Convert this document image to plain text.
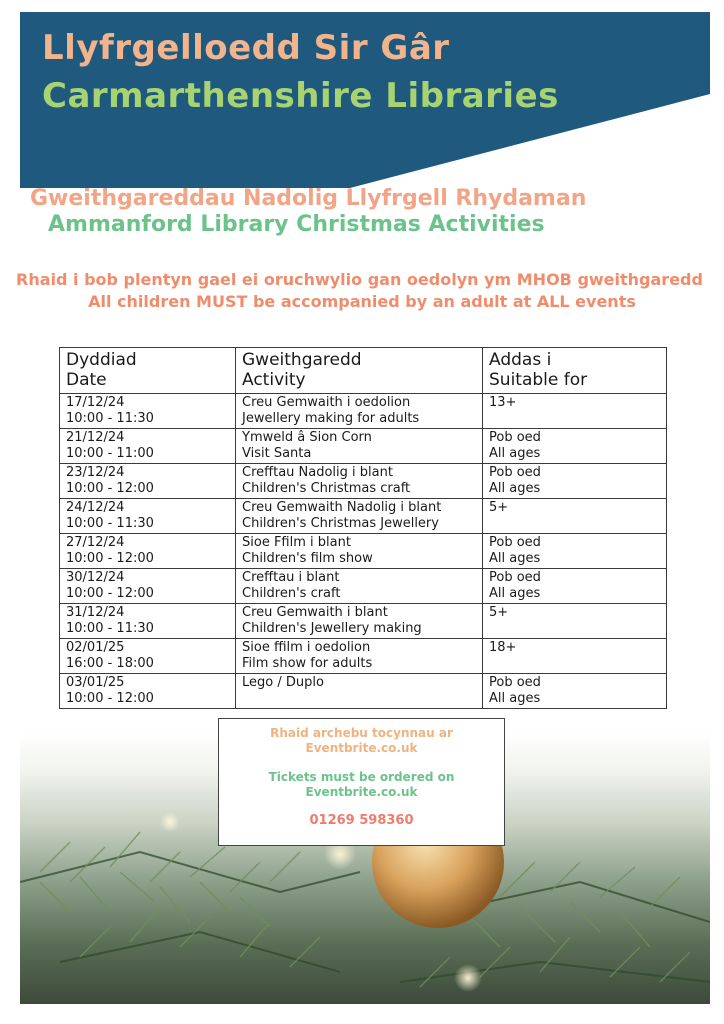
Llyfrgelloedd Sir Gâr
Carmarthenshire Libraries
Gweithgareddau Nadolig Llyfrgell Rhydaman
Ammanford Library Christmas Activities
Rhaid i bob plentyn gael ei oruchwylio gan oedolyn ym MHOB gweithgaredd
All children MUST be accompanied by an adult at ALL events
Dyddiad
Date	Gweithgaredd
Activity	Addas i
Suitable for
17/12/24
10:00 - 11:30	Creu Gemwaith i oedolion
Jewellery making for adults	13+

21/12/24
10:00 - 11:00	Ymweld â Sion Corn
Visit Santa	Pob oed
All ages
23/12/24
10:00 - 12:00	Crefftau Nadolig i blant
Children's Christmas craft	Pob oed
All ages
24/12/24
10:00 - 11:30	Creu Gemwaith Nadolig i blant
Children's Christmas Jewellery	5+

27/12/24
10:00 - 12:00	Sioe Ffilm i blant
Children's film show	Pob oed
All ages
30/12/24
10:00 - 12:00	Crefftau i blant
Children's craft	Pob oed
All ages
31/12/24
10:00 - 11:30	Creu Gemwaith i blant
Children's Jewellery making	5+

02/01/25
16:00 - 18:00	Sioe ffilm i oedolion
Film show for adults	18+

03/01/25
10:00 - 12:00	Lego / Duplo	Pob oed
All ages
Rhaid archebu tocynnau ar
Eventbrite.co.uk
Tickets must be ordered on
Eventbrite.co.uk
01269 598360
